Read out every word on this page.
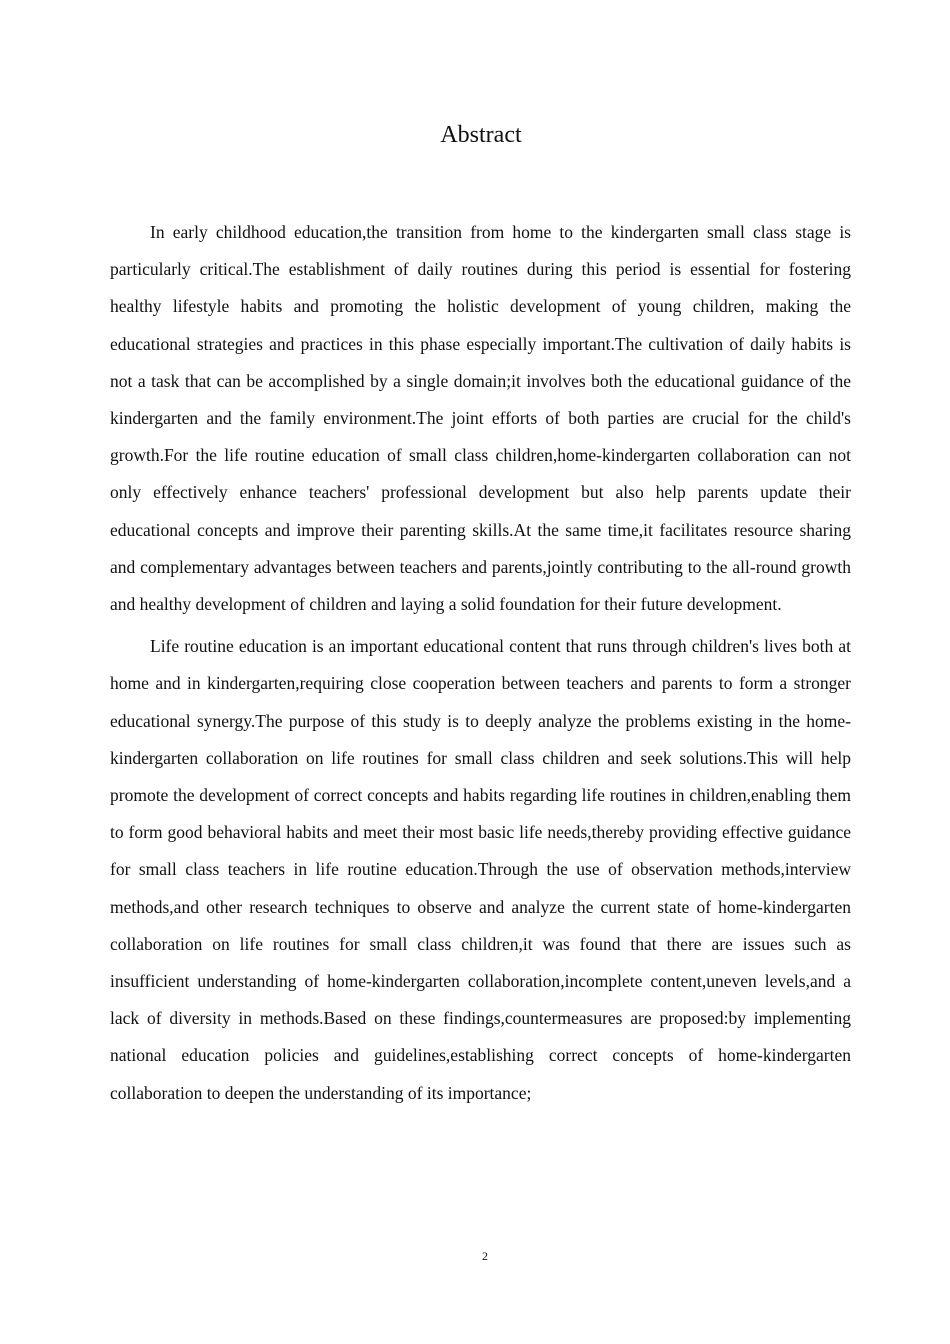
Abstract

In early childhood education,the transition from home to the kindergarten small class stage is particularly critical.The establishment of daily routines during this period is essential for fostering healthy lifestyle habits and promoting the holistic development of young children, making the educational strategies and practices in this phase especially important.The cultivation of daily habits is not a task that can be accomplished by a single domain;it involves both the educational guidance of the kindergarten and the family environment.The joint efforts of both parties are crucial for the child's growth.For the life routine education of small class children,home-kindergarten collaboration can not only effectively enhance teachers' professional development but also help parents update their educational concepts and improve their parenting skills.At the same time,it facilitates resource sharing and complementary advantages between teachers and parents,jointly contributing to the all-round growth and healthy development of children and laying a solid foundation for their future development.

Life routine education is an important educational content that runs through children's lives both at home and in kindergarten,requiring close cooperation between teachers and parents to form a stronger educational synergy.The purpose of this study is to deeply analyze the problems existing in the home-kindergarten collaboration on life routines for small class children and seek solutions.This will help promote the development of correct concepts and habits regarding life routines in children,enabling them to form good behavioral habits and meet their most basic life needs,thereby providing effective guidance for small class teachers in life routine education.Through the use of observation methods,interview methods,and other research techniques to observe and analyze the current state of home-kindergarten collaboration on life routines for small class children,it was found that there are issues such as insufficient understanding of home-kindergarten collaboration,incomplete content,uneven levels,and a lack of diversity in methods.Based on these findings,countermeasures are proposed:by implementing national education policies and guidelines,establishing correct concepts of home-kindergarten collaboration to deepen the understanding of its importance;

2
